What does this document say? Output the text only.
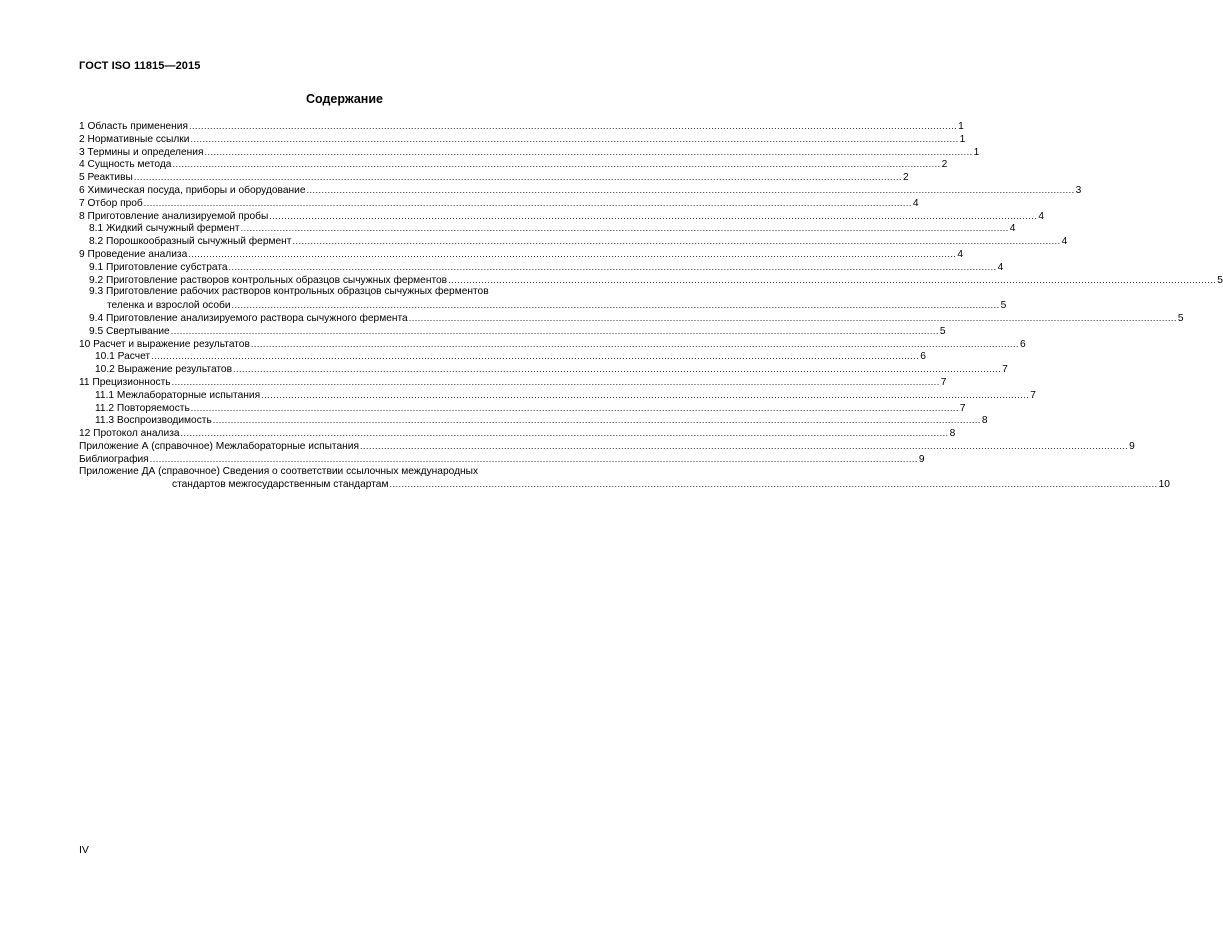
ГОСТ ISO 11815—2015
Содержание
1 Область применения .....	1
2 Нормативные ссылки .....	1
3 Термины и определения .....	1
4 Сущность метода .....	2
5 Реактивы .....	2
6 Химическая посуда, приборы и оборудование .....	3
7 Отбор проб .....	4
8 Приготовление анализируемой пробы .....	4
8.1 Жидкий сычужный фермент .....	4
8.2 Порошкообразный сычужный фермент .....	4
9 Проведение анализа .....	4
9.1 Приготовление субстрата .....	4
9.2 Приготовление растворов контрольных образцов сычужных ферментов .....	5
9.3 Приготовление рабочих растворов контрольных образцов сычужных ферментов
теленка и взрослой особи .....	5
9.4 Приготовление анализируемого раствора сычужного фермента .....	5
9.5 Свертывание .....	5
10 Расчет и выражение результатов .....	6
10.1 Расчет .....	6
10.2 Выражение результатов .....	7
11 Прецизионность .....	7
11.1 Межлабораторные испытания .....	7
11.2 Повторяемость .....	7
11.3 Воспроизводимость .....	8
12 Протокол анализа .....	8
Приложение А (справочное) Межлабораторные испытания .....	9
Библиография .....	9
Приложение ДА (справочное) Сведения о соответствии ссылочных международных
стандартов межгосударственным стандартам .....	10
IV
